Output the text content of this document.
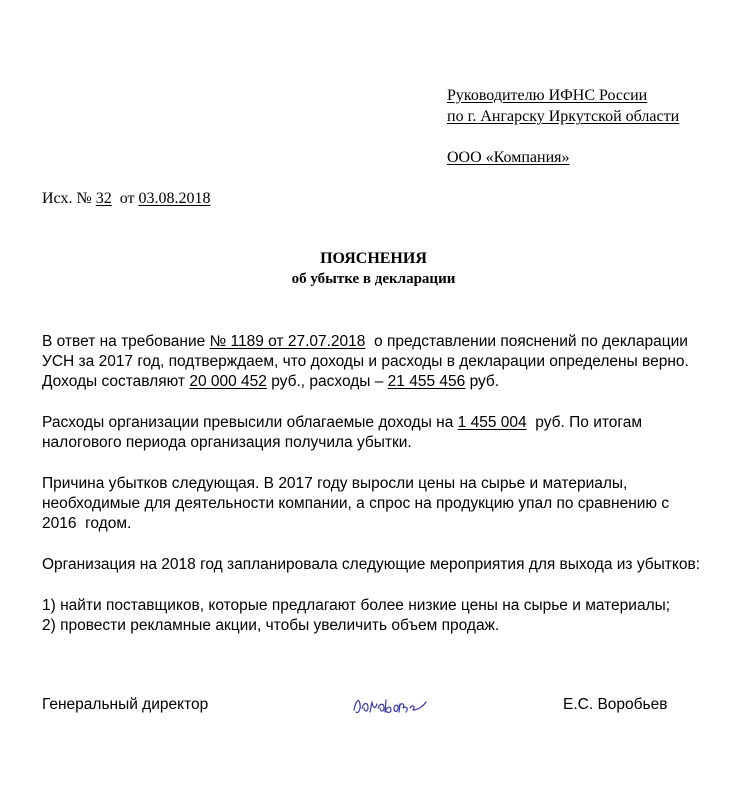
Руководителю ИФНС России
по г. Ангарску Иркутской области
ООО «Компания»
Исх. № 32 от 03.08.2018
ПОЯСНЕНИЯ
об убытке в декларации
В ответ на требование № 1189 от 27.07.2018 о представлении пояснений по декларации
УСН за 2017 год, подтверждаем, что доходы и расходы в декларации определены верно.
Доходы составляют 20 000 452 руб., расходы – 21 455 456 руб.
Расходы организации превысили облагаемые доходы на 1 455 004 руб. По итогам
налогового периода организация получила убытки.
Причина убытков следующая. В 2017 году выросли цены на сырье и материалы,
необходимые для деятельности компании, а спрос на продукцию упал по сравнению с
2016  годом.
Организация на 2018 год запланировала следующие мероприятия для выхода из убытков:
1) найти поставщиков, которые предлагают более низкие цены на сырье и материалы;
2) провести рекламные акции, чтобы увеличить объем продаж.
Генеральный директор	Е.С. Воробьев
